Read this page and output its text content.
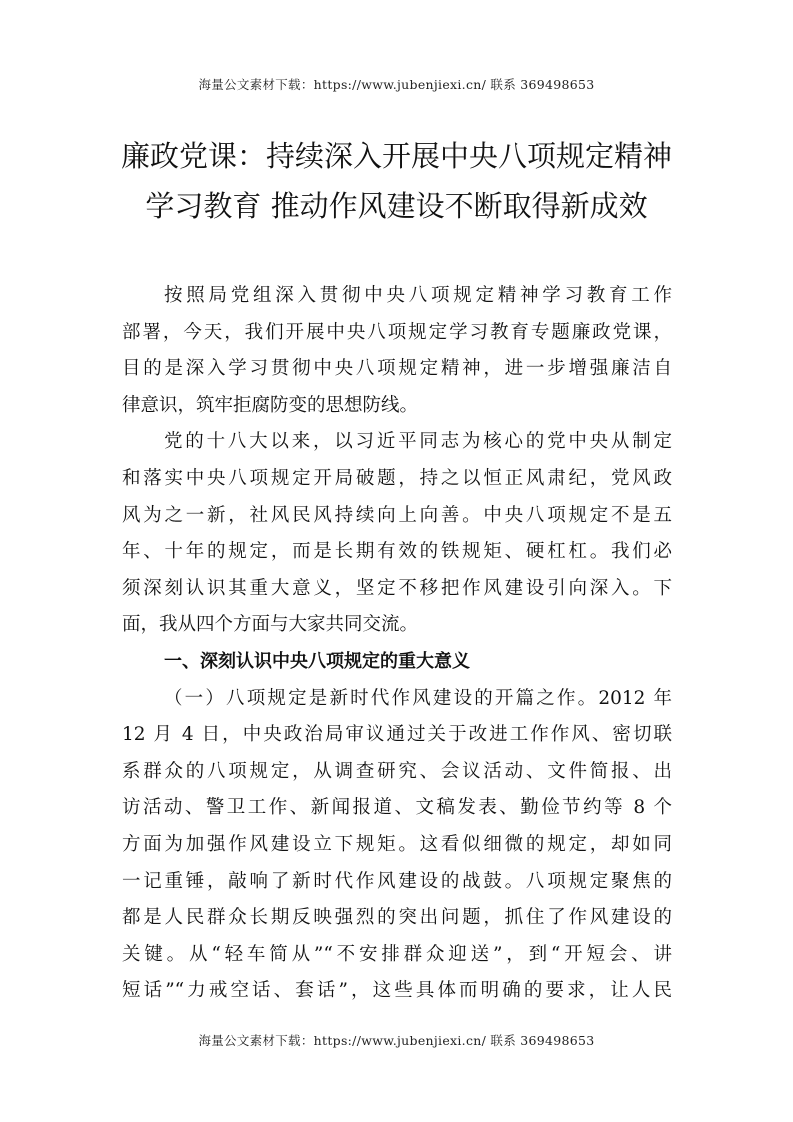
海量公文素材下载：https://www.jubenjiexi.cn/ 联系 369498653
廉政党课：持续深入开展中央八项规定精神
学习教育 推动作风建设不断取得新成效
按照局党组深入贯彻中央八项规定精神学习教育工作
部署，今天，我们开展中央八项规定学习教育专题廉政党课，
目的是深入学习贯彻中央八项规定精神，进一步增强廉洁自
律意识，筑牢拒腐防变的思想防线。
党的十八大以来，以习近平同志为核心的党中央从制定
和落实中央八项规定开局破题，持之以恒正风肃纪，党风政
风为之一新，社风民风持续向上向善。中央八项规定不是五
年、十年的规定，而是长期有效的铁规矩、硬杠杠。我们必
须深刻认识其重大意义，坚定不移把作风建设引向深入。下
面，我从四个方面与大家共同交流。
一、深刻认识中央八项规定的重大意义
（一）八项规定是新时代作风建设的开篇之作。2012 年
12 月 4 日，中央政治局审议通过关于改进工作作风、密切联
系群众的八项规定，从调查研究、会议活动、文件简报、出
访活动、警卫工作、新闻报道、文稿发表、勤俭节约等 8 个
方面为加强作风建设立下规矩。这看似细微的规定，却如同
一记重锤，敲响了新时代作风建设的战鼓。八项规定聚焦的
都是人民群众长期反映强烈的突出问题，抓住了作风建设的
关键。从“轻车简从”“不安排群众迎送”，到“开短会、讲
短话”“力戒空话、套话”，这些具体而明确的要求，让人民
海量公文素材下载：https://www.jubenjiexi.cn/ 联系 369498653
